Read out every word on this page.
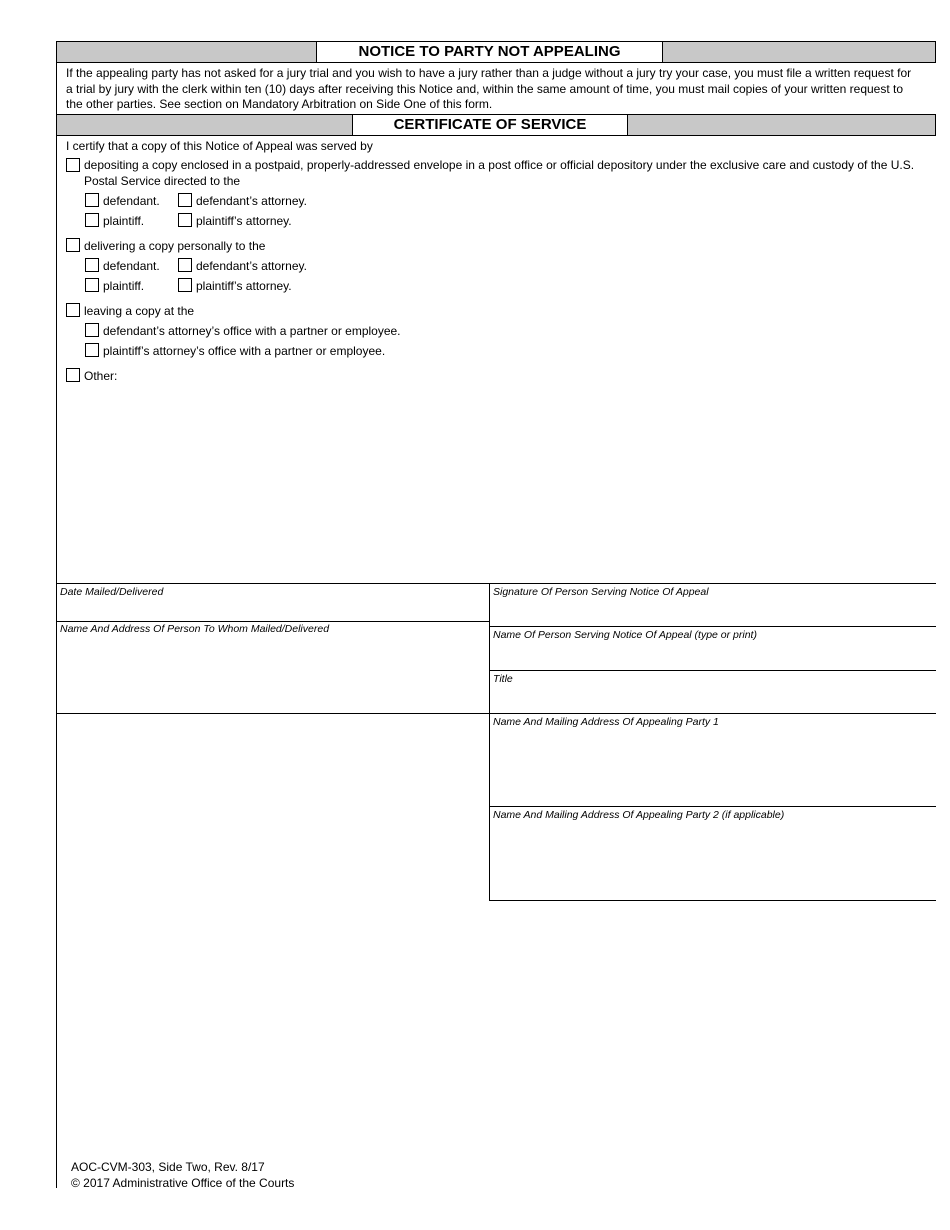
NOTICE TO PARTY NOT APPEALING
If the appealing party has not asked for a jury trial and you wish to have a jury rather than a judge without a jury try your case, you must file a written request for a trial by jury with the clerk within ten (10) days after receiving this Notice and, within the same amount of time, you must mail copies of your written request to the other parties. See section on Mandatory Arbitration on Side One of this form.
CERTIFICATE OF SERVICE
I certify that a copy of this Notice of Appeal was served by
depositing a copy enclosed in a postpaid, properly-addressed envelope in a post office or official depository under the exclusive care and custody of the U.S. Postal Service directed to the
defendant.	defendant’s attorney.
plaintiff.	plaintiff’s attorney.
delivering a copy personally to the
defendant.	defendant’s attorney.
plaintiff.	plaintiff’s attorney.
leaving a copy at the
defendant’s attorney’s office with a partner or employee.
plaintiff’s attorney’s office with a partner or employee.
Other:
Date Mailed/Delivered
Name And Address Of Person To Whom Mailed/Delivered
Signature Of Person Serving Notice Of Appeal
Name Of Person Serving Notice Of Appeal (type or print)
Title
Name And Mailing Address Of Appealing Party 1
Name And Mailing Address Of Appealing Party 2 (if applicable)
AOC-CVM-303, Side Two, Rev. 8/17
© 2017 Administrative Office of the Courts
